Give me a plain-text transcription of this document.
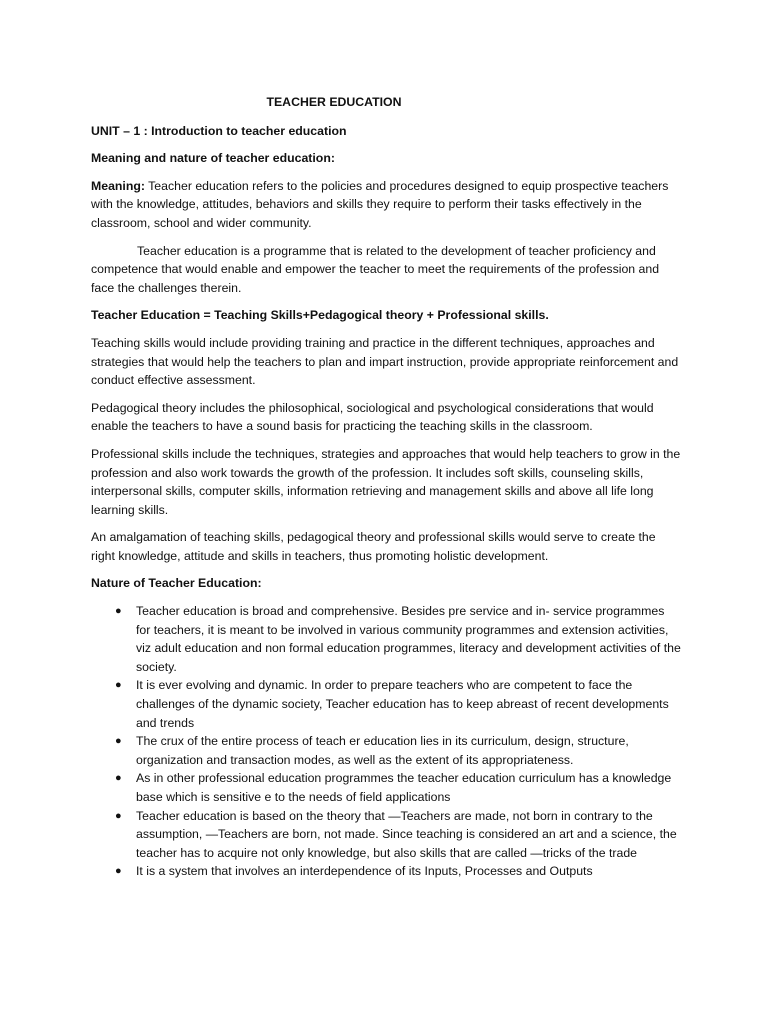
TEACHER EDUCATION

UNIT – 1 : Introduction to teacher education

Meaning and nature of teacher education:

Meaning: Teacher education refers to the policies and procedures designed to equip prospective teachers with the knowledge, attitudes, behaviors and skills they require to perform their tasks effectively in the classroom, school and wider community.

Teacher education is a programme that is related to the development of teacher proficiency and competence that would enable and empower the teacher to meet the requirements of the profession and face the challenges therein.

Teacher Education = Teaching Skills+Pedagogical theory + Professional skills.

Teaching skills would include providing training and practice in the different techniques, approaches and strategies that would help the teachers to plan and impart instruction, provide appropriate reinforcement and conduct effective assessment.

Pedagogical theory includes the philosophical, sociological and psychological considerations that would enable the teachers to have a sound basis for practicing the teaching skills in the classroom.

Professional skills include the techniques, strategies and approaches that would help teachers to grow in the profession and also work towards the growth of the profession. It includes soft skills, counseling skills, interpersonal skills, computer skills, information retrieving and management skills and above all life long learning skills.

An amalgamation of teaching skills, pedagogical theory and professional skills would serve to create the right knowledge, attitude and skills in teachers, thus promoting holistic development.

Nature of Teacher Education:

● Teacher education is broad and comprehensive. Besides pre service and in- service programmes for teachers, it is meant to be involved in various community programmes and extension activities, viz adult education and non formal education programmes, literacy and development activities of the society.
● It is ever evolving and dynamic. In order to prepare teachers who are competent to face the challenges of the dynamic society, Teacher education has to keep abreast of recent developments and trends
● The crux of the entire process of teach er education lies in its curriculum, design, structure, organization and transaction modes, as well as the extent of its appropriateness.
● As in other professional education programmes the teacher education curriculum has a knowledge base which is sensitive e to the needs of field applications
● Teacher education is based on the theory that —Teachers are made, not born in contrary to the assumption, —Teachers are born, not made. Since teaching is considered an art and a science, the teacher has to acquire not only knowledge, but also skills that are called —tricks of the trade
● It is a system that involves an interdependence of its Inputs, Processes and Outputs
